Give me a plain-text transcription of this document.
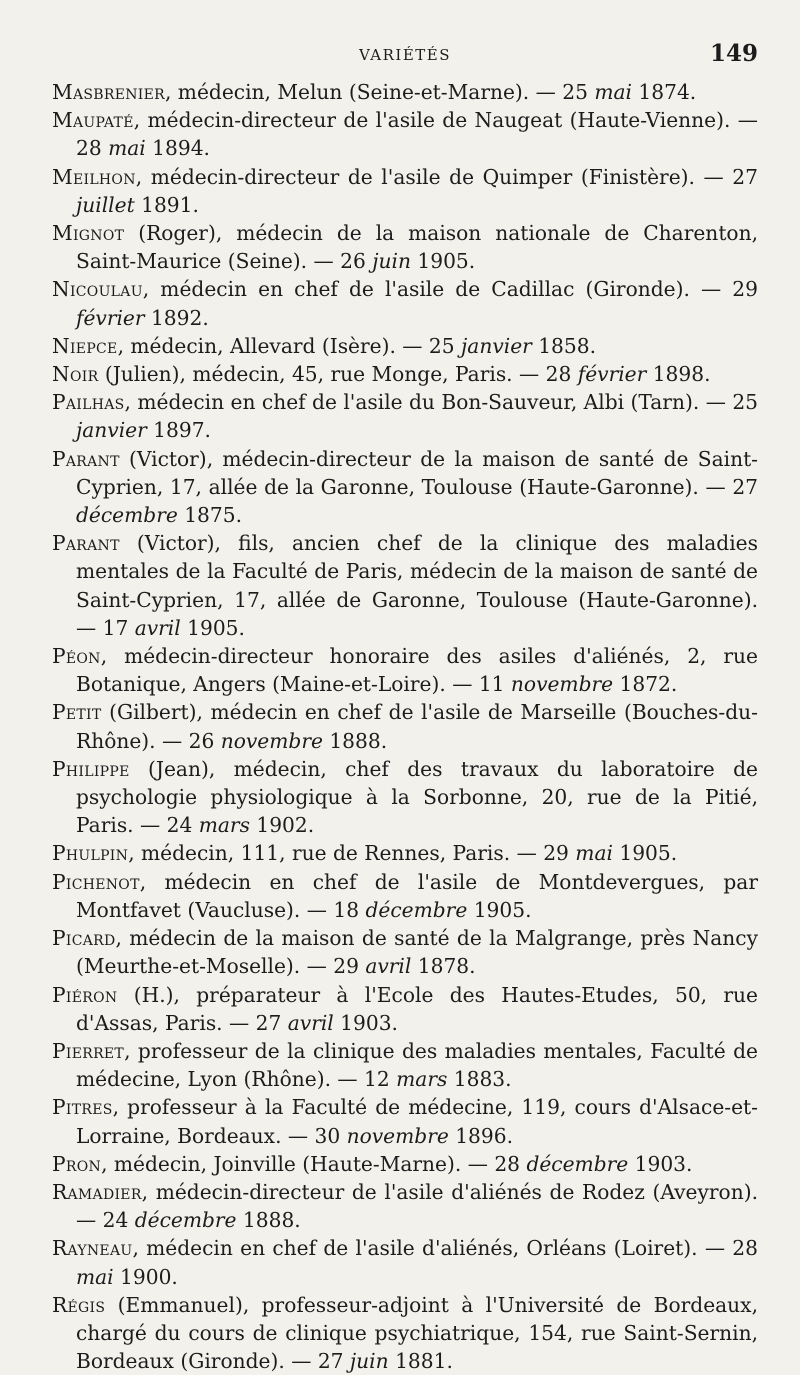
VARIÉTÉS	149

Masbrenier, médecin, Melun (Seine-et-Marne). — 25 mai 1874.

Maupaté, médecin-directeur de l'asile de Naugeat (Haute-Vienne). — 28 mai 1894.

Meilhon, médecin-directeur de l'asile de Quimper (Finistère). — 27 juillet 1891.

Mignot (Roger), médecin de la maison nationale de Charenton, Saint-Maurice (Seine). — 26 juin 1905.

Nicoulau, médecin en chef de l'asile de Cadillac (Gironde). — 29 février 1892.

Niepce, médecin, Allevard (Isère). — 25 janvier 1858.

Noir (Julien), médecin, 45, rue Monge, Paris. — 28 février 1898.

Pailhas, médecin en chef de l'asile du Bon-Sauveur, Albi (Tarn). — 25 janvier 1897.

Parant (Victor), médecin-directeur de la maison de santé de Saint-Cyprien, 17, allée de la Garonne, Toulouse (Haute-Garonne). — 27 décembre 1875.

Parant (Victor), fils, ancien chef de la clinique des maladies mentales de la Faculté de Paris, médecin de la maison de santé de Saint-Cyprien, 17, allée de Garonne, Toulouse (Haute-Garonne). — 17 avril 1905.

Péon, médecin-directeur honoraire des asiles d'aliénés, 2, rue Botanique, Angers (Maine-et-Loire). — 11 novembre 1872.

Petit (Gilbert), médecin en chef de l'asile de Marseille (Bouches-du-Rhône). — 26 novembre 1888.

Philippe (Jean), médecin, chef des travaux du laboratoire de psychologie physiologique à la Sorbonne, 20, rue de la Pitié, Paris. — 24 mars 1902.

Phulpin, médecin, 111, rue de Rennes, Paris. — 29 mai 1905.

Pichenot, médecin en chef de l'asile de Montdevergues, par Montfavet (Vaucluse). — 18 décembre 1905.

Picard, médecin de la maison de santé de la Malgrange, près Nancy (Meurthe-et-Moselle). — 29 avril 1878.

Piéron (H.), préparateur à l'Ecole des Hautes-Etudes, 50, rue d'Assas, Paris. — 27 avril 1903.

Pierret, professeur de la clinique des maladies mentales, Faculté de médecine, Lyon (Rhône). — 12 mars 1883.

Pitres, professeur à la Faculté de médecine, 119, cours d'Alsace-et-Lorraine, Bordeaux. — 30 novembre 1896.

Pron, médecin, Joinville (Haute-Marne). — 28 décembre 1903.

Ramadier, médecin-directeur de l'asile d'aliénés de Rodez (Aveyron). — 24 décembre 1888.

Rayneau, médecin en chef de l'asile d'aliénés, Orléans (Loiret). — 28 mai 1900.

Régis (Emmanuel), professeur-adjoint à l'Université de Bordeaux, chargé du cours de clinique psychiatrique, 154, rue Saint-Sernin, Bordeaux (Gironde). — 27 juin 1881.
